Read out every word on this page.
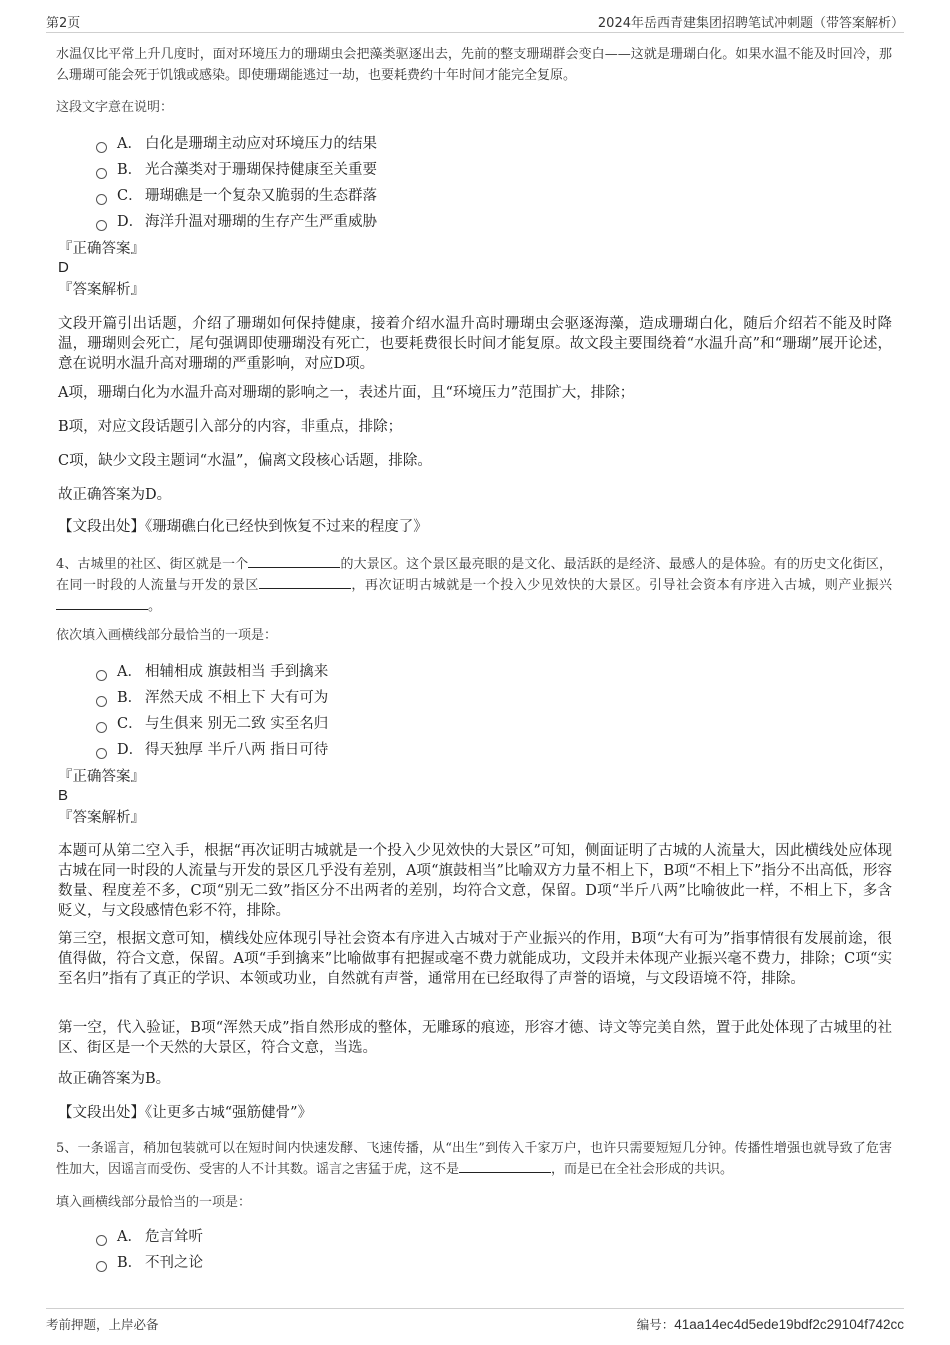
第2页	2024年岳西青建集团招聘笔试冲刺题（带答案解析）
水温仅比平常上升几度时，面对环境压力的珊瑚虫会把藻类驱逐出去，先前的整支珊瑚群会变白——这就是珊瑚白化。如果水温不能及时回冷，那么珊瑚可能会死于饥饿或感染。即使珊瑚能逃过一劫，也要耗费约十年时间才能完全复原。
这段文字意在说明：
A． 白化是珊瑚主动应对环境压力的结果
B． 光合藻类对于珊瑚保持健康至关重要
C． 珊瑚礁是一个复杂又脆弱的生态群落
D． 海洋升温对珊瑚的生存产生严重威胁
『正确答案』
D
『答案解析』
文段开篇引出话题，介绍了珊瑚如何保持健康，接着介绍水温升高时珊瑚虫会驱逐海藻，造成珊瑚白化，随后介绍若不能及时降温，珊瑚则会死亡，尾句强调即使珊瑚没有死亡，也要耗费很长时间才能复原。故文段主要围绕着“水温升高”和“珊瑚”展开论述，意在说明水温升高对珊瑚的严重影响，对应D项。
A项，珊瑚白化为水温升高对珊瑚的影响之一，表述片面，且“环境压力”范围扩大，排除；
B项，对应文段话题引入部分的内容，非重点，排除；
C项，缺少文段主题词“水温”，偏离文段核心话题，排除。
故正确答案为D。
【文段出处】《珊瑚礁白化已经快到恢复不过来的程度了》
4、古城里的社区、街区就是一个	的大景区。这个景区最亮眼的是文化、最活跃的是经济、最感人的是体验。有的历史文化街区，在同一时段的人流量与开发的景区	，再次证明古城就是一个投入少见效快的大景区。引导社会资本有序进入古城，则产业振兴。
依次填入画横线部分最恰当的一项是：
A． 相辅相成 旗鼓相当 手到擒来
B． 浑然天成 不相上下 大有可为
C． 与生俱来 别无二致 实至名归
D． 得天独厚 半斤八两 指日可待
『正确答案』
B
『答案解析』
本题可从第二空入手，根据“再次证明古城就是一个投入少见效快的大景区”可知，侧面证明了古城的人流量大，因此横线处应体现古城在同一时段的人流量与开发的景区几乎没有差别，A项“旗鼓相当”比喻双方力量不相上下，B项“不相上下”指分不出高低，形容数量、程度差不多，C项“别无二致”指区分不出两者的差别，均符合文意，保留。D项“半斤八两”比喻彼此一样，不相上下，多含贬义，与文段感情色彩不符，排除。
第三空，根据文意可知，横线处应体现引导社会资本有序进入古城对于产业振兴的作用，B项“大有可为”指事情很有发展前途，很值得做，符合文意，保留。A项“手到擒来”比喻做事有把握或毫不费力就能成功，文段并未体现产业振兴毫不费力，排除；C项“实至名归”指有了真正的学识、本领或功业，自然就有声誉，通常用在已经取得了声誉的语境，与文段语境不符，排除。
第一空，代入验证，B项“浑然天成”指自然形成的整体，无雕琢的痕迹，形容才德、诗文等完美自然，置于此处体现了古城里的社区、街区是一个天然的大景区，符合文意，当选。
故正确答案为B。
【文段出处】《让更多古城“强筋健骨”》
5、一条谣言，稍加包装就可以在短时间内快速发酵、飞速传播，从“出生”到传入千家万户，也许只需要短短几分钟。传播性增强也就导致了危害性加大，因谣言而受伤、受害的人不计其数。谣言之害猛于虎，这不是	，而是已在全社会形成的共识。
填入画横线部分最恰当的一项是：
A． 危言耸听
B． 不刊之论
考前押题，上岸必备	编号：41aa14ec4d5ede19bdf2c29104f742cc
